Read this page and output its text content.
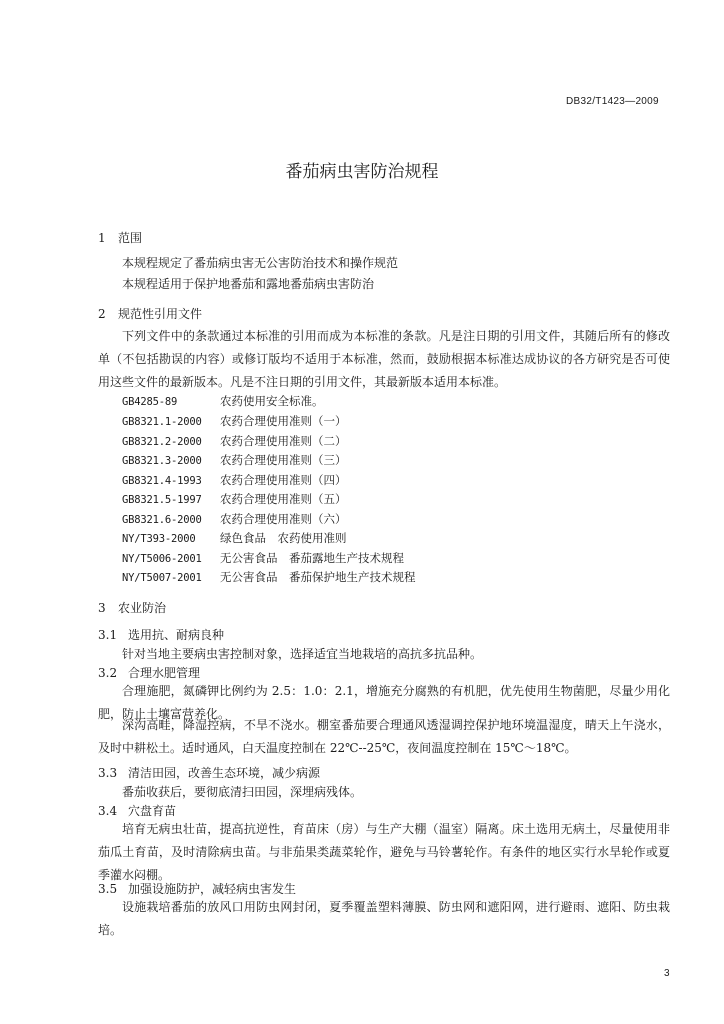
DB32/T1423—2009
番茄病虫害防治规程
1 范围
本规程规定了番茄病虫害无公害防治技术和操作规范
本规程适用于保护地番茄和露地番茄病虫害防治
2 规范性引用文件
下列文件中的条款通过本标准的引用而成为本标准的条款。凡是注日期的引用文件，其随后所有的修改单（不包括勘误的内容）或修订版均不适用于本标准，然而，鼓励根据本标准达成协议的各方研究是否可使用这些文件的最新版本。凡是不注日期的引用文件，其最新版本适用本标准。
GB4285-89	农药使用安全标准。
GB8321.1-2000 农药合理使用准则（一）
GB8321.2-2000 农药合理使用准则（二）
GB8321.3-2000 农药合理使用准则（三）
GB8321.4-1993 农药合理使用准则（四）
GB8321.5-1997 农药合理使用准则（五）
GB8321.6-2000 农药合理使用准则（六）
NY/T393-2000 绿色食品　农药使用准则
NY/T5006-2001 无公害食品　番茄露地生产技术规程
NY/T5007-2001 无公害食品　番茄保护地生产技术规程
3 农业防治
3.1 选用抗、耐病良种
针对当地主要病虫害控制对象，选择适宜当地栽培的高抗多抗品种。
3.2 合理水肥管理
合理施肥，氮磷钾比例约为 2.5：1.0：2.1，增施充分腐熟的有机肥，优先使用生物菌肥，尽量少用化肥，防止土壤富营养化。
深沟高畦，降湿控病，不旱不浇水。棚室番茄要合理通风透湿调控保护地环境温湿度，晴天上午浇水，及时中耕松土。适时通风，白天温度控制在 22℃--25℃，夜间温度控制在 15℃～18℃。
3.3 清洁田园，改善生态环境，减少病源
番茄收获后，要彻底清扫田园，深埋病残体。
3.4 穴盘育苗
培育无病虫壮苗，提高抗逆性，育苗床（房）与生产大棚（温室）隔离。床土选用无病土，尽量使用非茄瓜土育苗，及时清除病虫苗。与非茄果类蔬菜轮作，避免与马铃薯轮作。有条件的地区实行水旱轮作或夏季灌水闷棚。
3.5 加强设施防护，减轻病虫害发生
设施栽培番茄的放风口用防虫网封闭，夏季覆盖塑料薄膜、防虫网和遮阳网，进行避雨、遮阳、防虫栽培。
3
